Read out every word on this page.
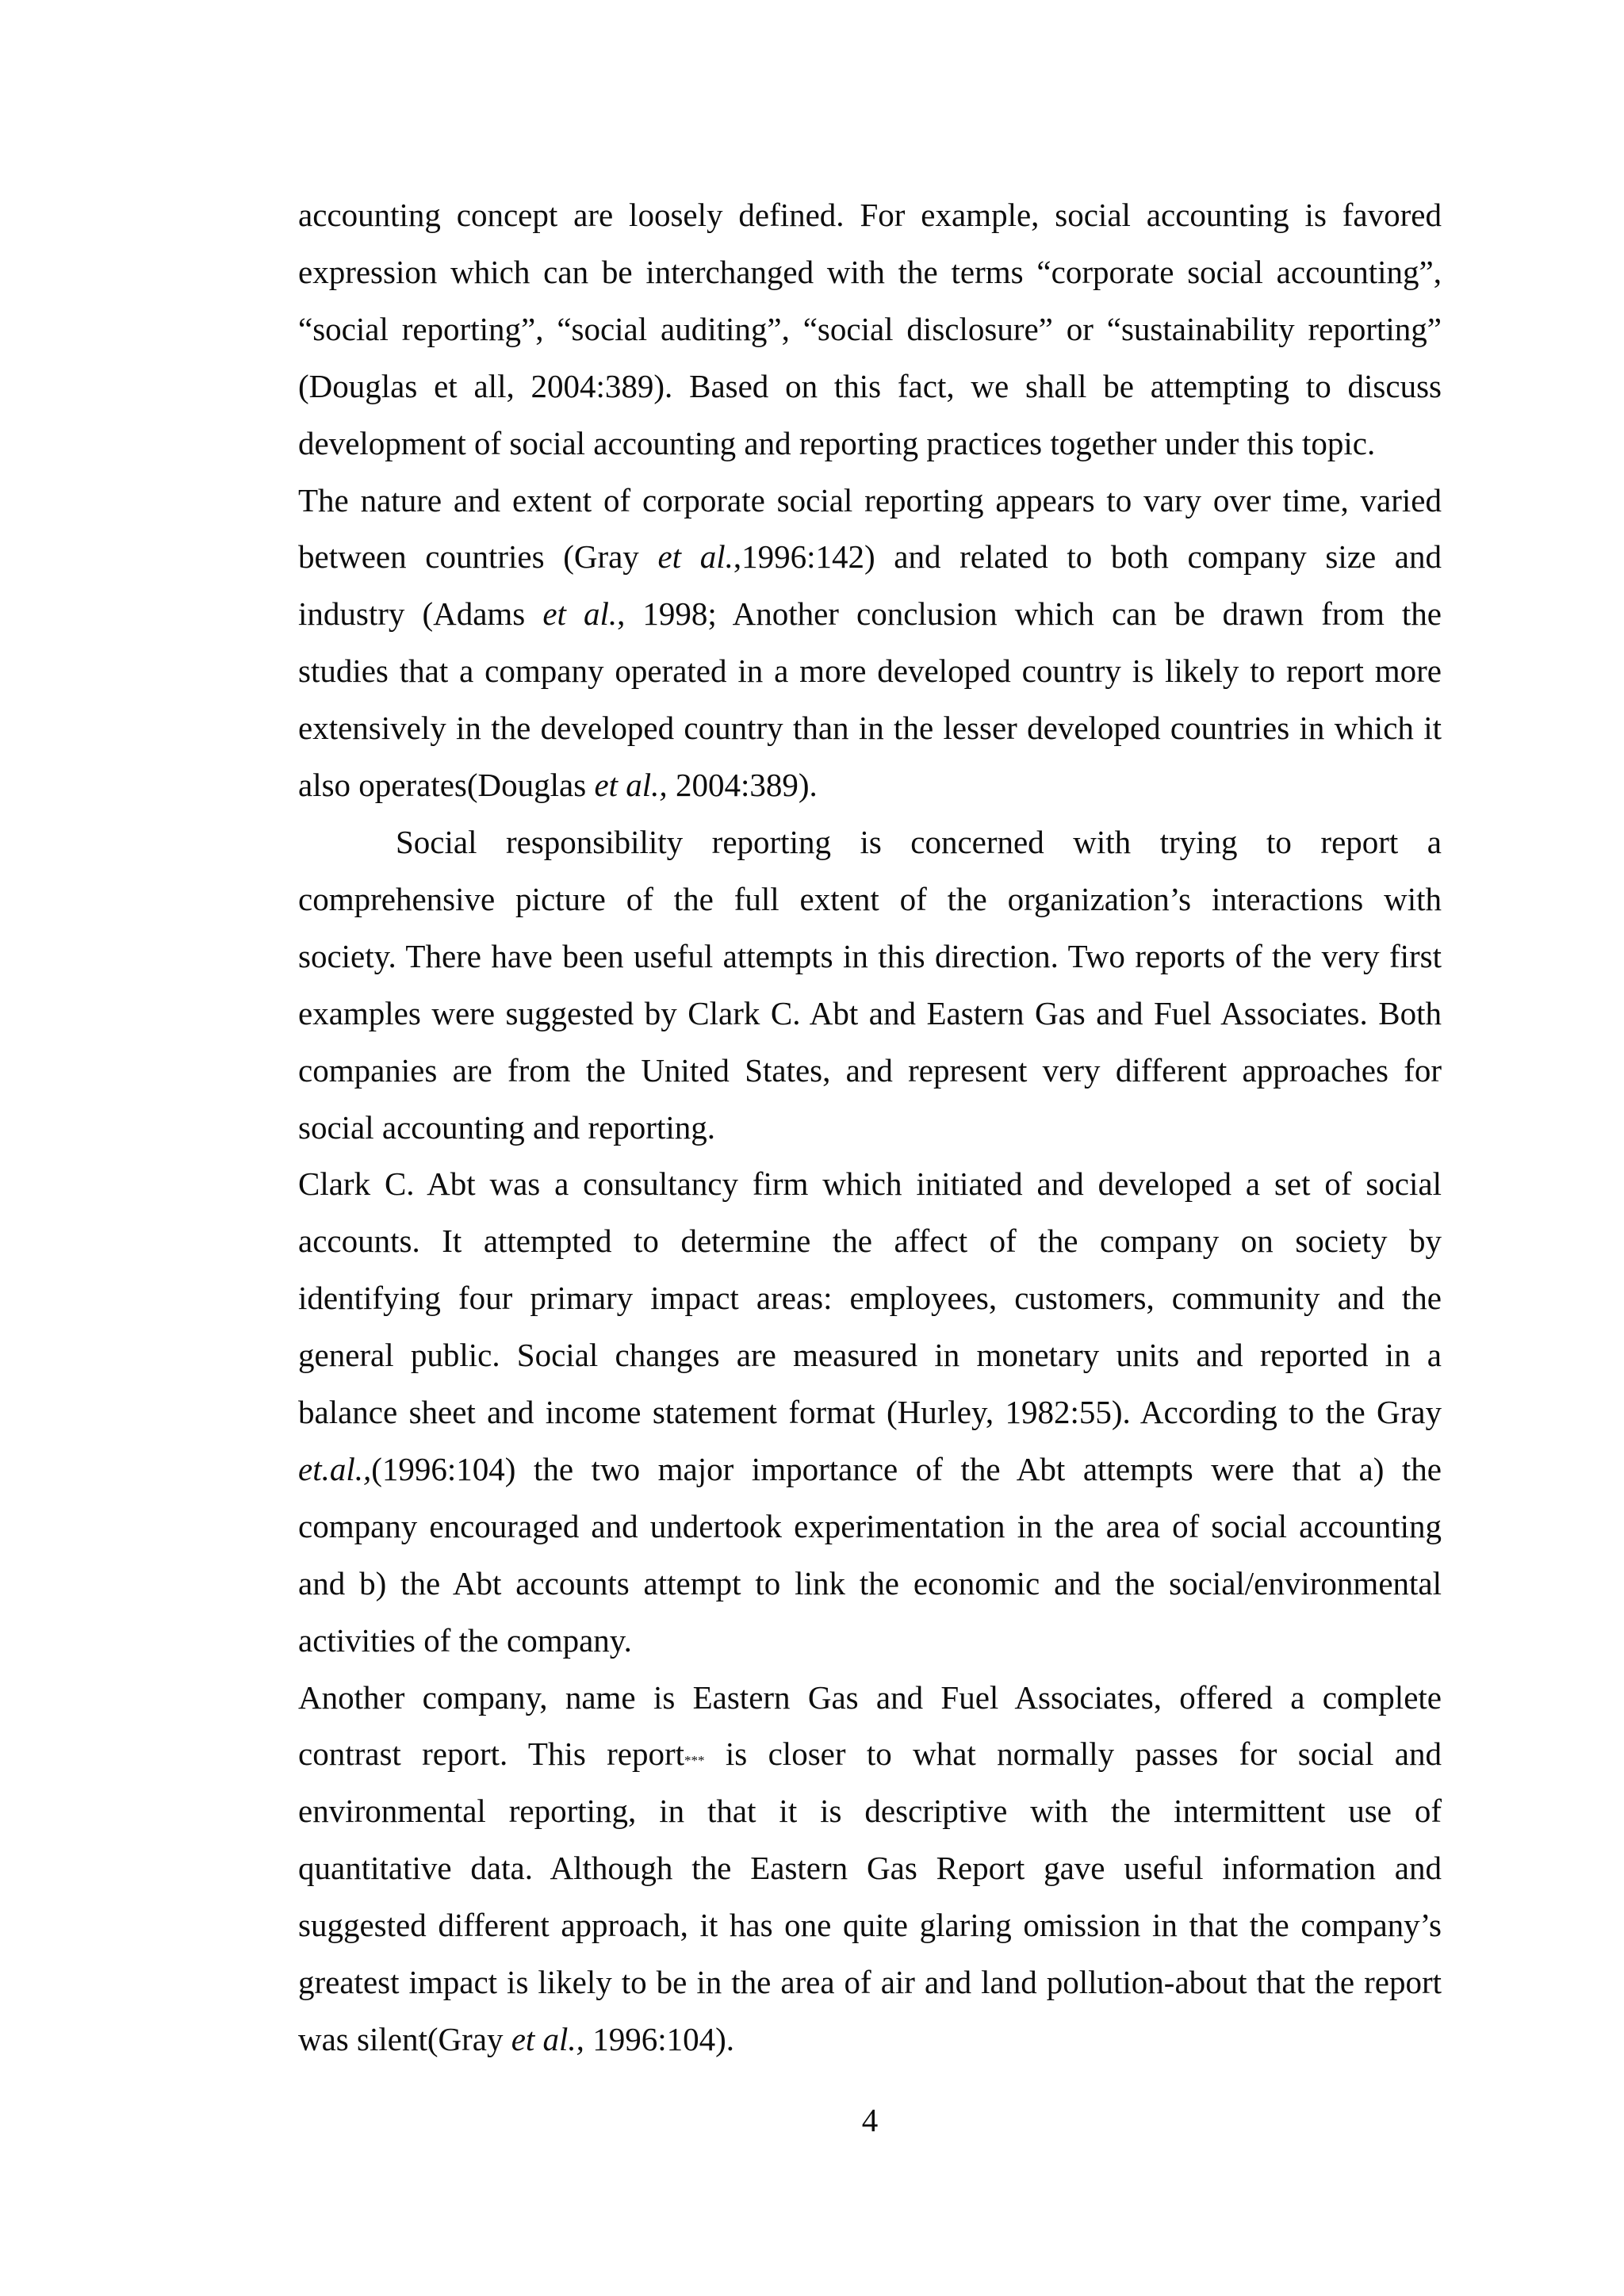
accounting concept are loosely defined. For example, social accounting is favored
expression which can be interchanged with the terms “corporate social accounting”,
“social reporting”, “social auditing”, “social disclosure” or “sustainability reporting”
(Douglas et all, 2004:389). Based on this fact, we shall be attempting to discuss
development of social accounting and reporting practices together under this topic.
The nature and extent of corporate social reporting appears to vary over time, varied
between countries (Gray et al.,1996:142) and related to both company size and
industry (Adams et al., 1998; Another conclusion which can be drawn from the
studies that a company operated in a more developed country is likely to report more
extensively in the developed country than in the lesser developed countries in which it
also operates(Douglas et al., 2004:389).
Social responsibility reporting is concerned with trying to report a
comprehensive picture of the full extent of the organization’s interactions with
society. There have been useful attempts in this direction. Two reports of the very first
examples were suggested by Clark C. Abt and Eastern Gas and Fuel Associates. Both
companies are from the United States, and represent very different approaches for
social accounting and reporting.
Clark C. Abt was a consultancy firm which initiated and developed a set of social
accounts. It attempted to determine the affect of the company on society by
identifying four primary impact areas: employees, customers, community and the
general public. Social changes are measured in monetary units and reported in a
balance sheet and income statement format (Hurley, 1982:55). According to the Gray
et.al.,(1996:104) the two major importance of the Abt attempts were that a) the
company encouraged and undertook experimentation in the area of social accounting
and b) the Abt accounts attempt to link the economic and the social/environmental
activities of the company.
Another company, name is Eastern Gas and Fuel Associates, offered a complete
contrast report. This report*** is closer to what normally passes for social and
environmental reporting, in that it is descriptive with the intermittent use of
quantitative data. Although the Eastern Gas Report gave useful information and
suggested different approach, it has one quite glaring omission in that the company’s
greatest impact is likely to be in the area of air and land pollution-about that the report
was silent(Gray et al., 1996:104).
4
